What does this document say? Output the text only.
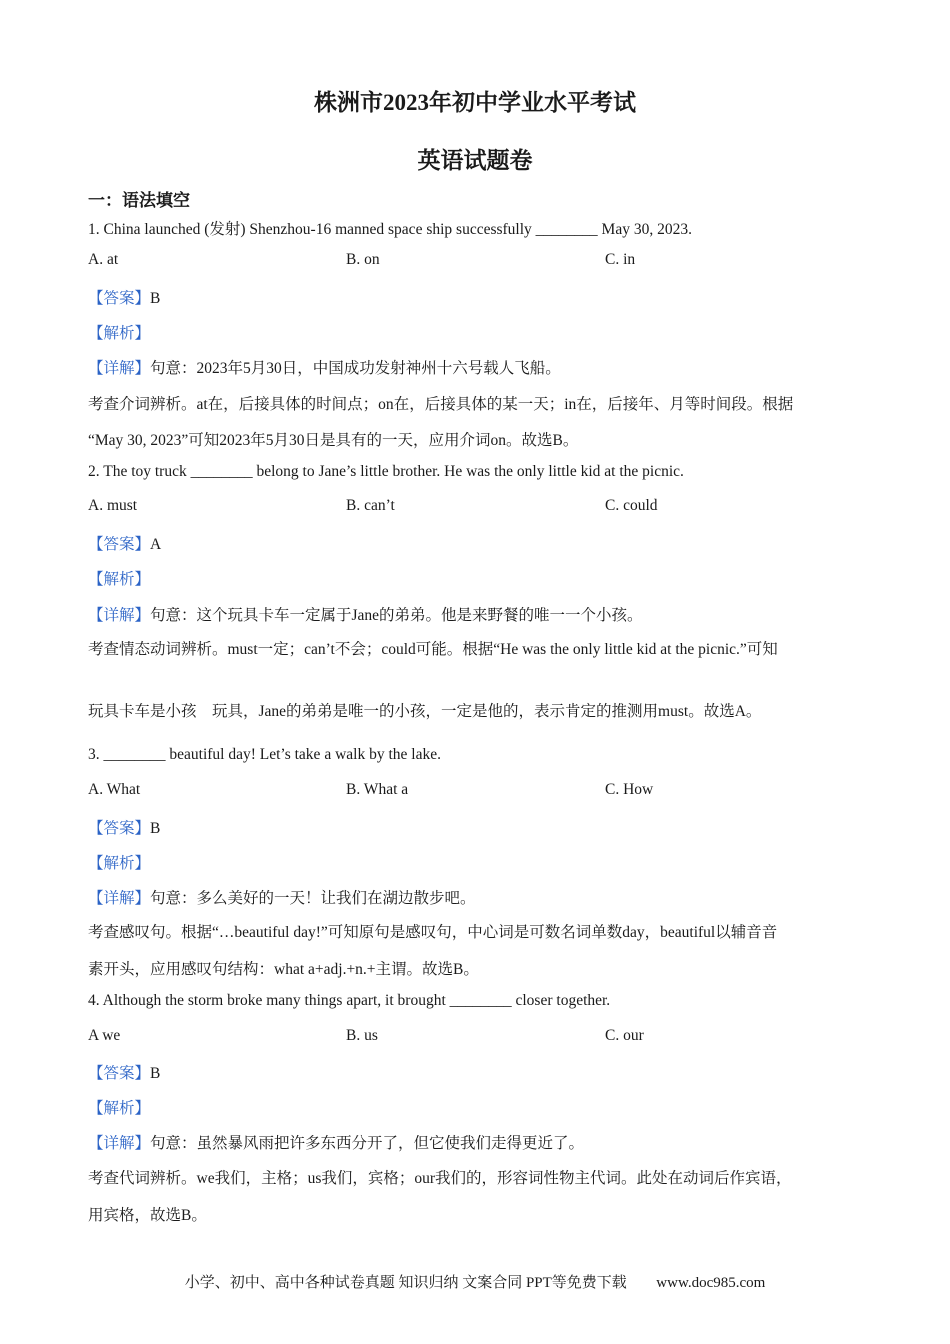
株洲市2023年初中学业水平考试
英语试题卷
一：语法填空
1. China launched (发射) Shenzhou-16 manned space ship successfully ________ May 30, 2023.
A. at	B. on	C. in
【答案】B
【解析】
【详解】句意：2023年5月30日，中国成功发射神州十六号载人飞船。
考查介词辨析。at在，后接具体的时间点；on在，后接具体的某一天；in在，后接年、月等时间段。根据
“May 30, 2023”可知2023年5月30日是具有的一天，应用介词on。故选B。
2. The toy truck ________ belong to Jane’s little brother. He was the only little kid at the picnic.
A. must	B. can’t	C. could
【答案】A
【解析】
【详解】句意：这个玩具卡车一定属于Jane的弟弟。他是来野餐的唯一一个小孩。
考查情态动词辨析。must一定；can’t不会；could可能。根据“He was the only little kid at the picnic.”可知
玩具卡车是小孩　玩具，Jane的弟弟是唯一的小孩，一定是他的，表示肯定的推测用must。故选A。
3. ________ beautiful day! Let’s take a walk by the lake.
A. What	B. What a	C. How
【答案】B
【解析】
【详解】句意：多么美好的一天！让我们在湖边散步吧。
考查感叹句。根据“…beautiful day!”可知原句是感叹句，中心词是可数名词单数day，beautiful以辅音音
素开头，应用感叹句结构：what a+adj.+n.+主谓。故选B。
4. Although the storm broke many things apart, it brought ________ closer together.
A we	B. us	C. our
【答案】B
【解析】
【详解】句意：虽然暴风雨把许多东西分开了，但它使我们走得更近了。
考查代词辨析。we我们，主格；us我们，宾格；our我们的，形容词性物主代词。此处在动词后作宾语，
用宾格，故选B。
小学、初中、高中各种试卷真题 知识归纳 文案合同 PPT等免费下载 www.doc985.com
